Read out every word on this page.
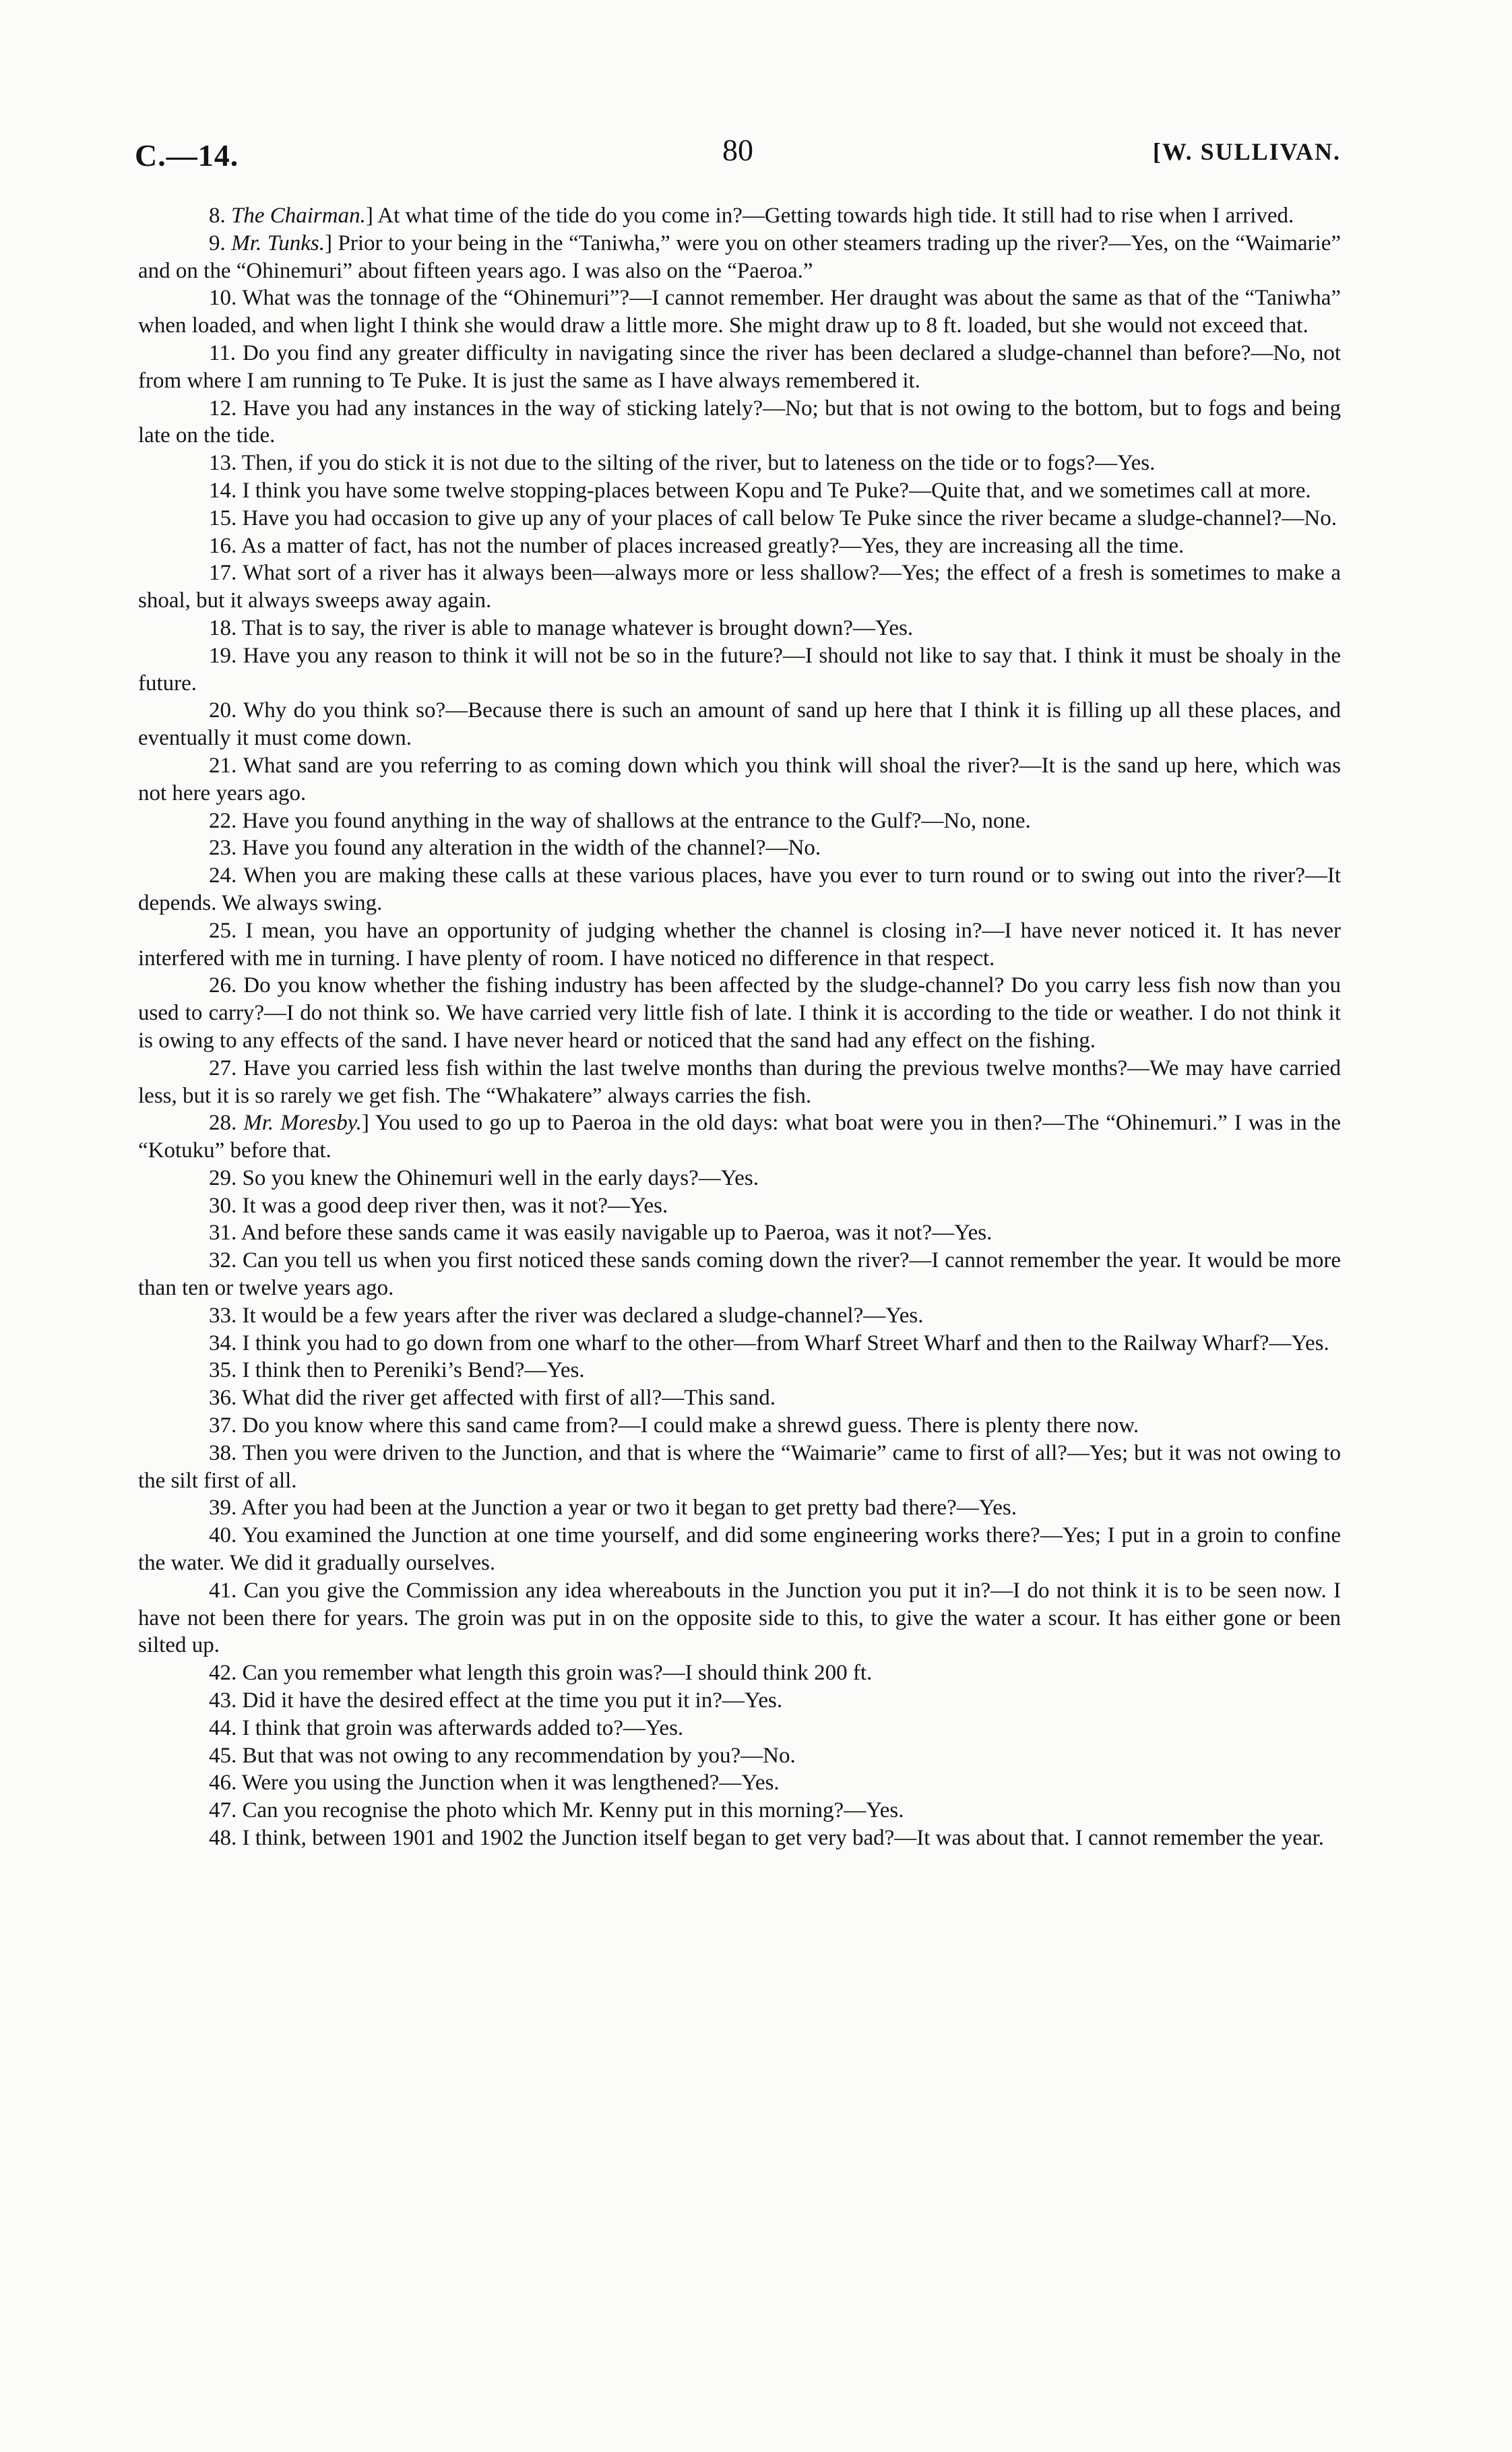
C.—14.	80	[W. SULLIVAN.

8. The Chairman.] At what time of the tide do you come in?—Getting towards high tide. It still had to rise when I arrived.

9. Mr. Tunks.] Prior to your being in the “Taniwha,” were you on other steamers trading up the river?—Yes, on the “Waimarie” and on the “Ohinemuri” about fifteen years ago. I was also on the “Paeroa.”

10. What was the tonnage of the “Ohinemuri”?—I cannot remember. Her draught was about the same as that of the “Taniwha” when loaded, and when light I think she would draw a little more. She might draw up to 8 ft. loaded, but she would not exceed that.

11. Do you find any greater difficulty in navigating since the river has been declared a sludge-channel than before?—No, not from where I am running to Te Puke. It is just the same as I have always remembered it.

12. Have you had any instances in the way of sticking lately?—No; but that is not owing to the bottom, but to fogs and being late on the tide.

13. Then, if you do stick it is not due to the silting of the river, but to lateness on the tide or to fogs?—Yes.

14. I think you have some twelve stopping-places between Kopu and Te Puke?—Quite that, and we sometimes call at more.

15. Have you had occasion to give up any of your places of call below Te Puke since the river became a sludge-channel?—No.

16. As a matter of fact, has not the number of places increased greatly?—Yes, they are increasing all the time.

17. What sort of a river has it always been—always more or less shallow?—Yes; the effect of a fresh is sometimes to make a shoal, but it always sweeps away again.

18. That is to say, the river is able to manage whatever is brought down?—Yes.

19. Have you any reason to think it will not be so in the future?—I should not like to say that. I think it must be shoaly in the future.

20. Why do you think so?—Because there is such an amount of sand up here that I think it is filling up all these places, and eventually it must come down.

21. What sand are you referring to as coming down which you think will shoal the river?—It is the sand up here, which was not here years ago.

22. Have you found anything in the way of shallows at the entrance to the Gulf?—No, none.

23. Have you found any alteration in the width of the channel?—No.

24. When you are making these calls at these various places, have you ever to turn round or to swing out into the river?—It depends. We always swing.

25. I mean, you have an opportunity of judging whether the channel is closing in?—I have never noticed it. It has never interfered with me in turning. I have plenty of room. I have noticed no difference in that respect.

26. Do you know whether the fishing industry has been affected by the sludge-channel? Do you carry less fish now than you used to carry?—I do not think so. We have carried very little fish of late. I think it is according to the tide or weather. I do not think it is owing to any effects of the sand. I have never heard or noticed that the sand had any effect on the fishing.

27. Have you carried less fish within the last twelve months than during the previous twelve months?—We may have carried less, but it is so rarely we get fish. The “Whakatere” always carries the fish.

28. Mr. Moresby.] You used to go up to Paeroa in the old days: what boat were you in then?—The “Ohinemuri.” I was in the “Kotuku” before that.

29. So you knew the Ohinemuri well in the early days?—Yes.

30. It was a good deep river then, was it not?—Yes.

31. And before these sands came it was easily navigable up to Paeroa, was it not?—Yes.

32. Can you tell us when you first noticed these sands coming down the river?—I cannot remember the year. It would be more than ten or twelve years ago.

33. It would be a few years after the river was declared a sludge-channel?—Yes.

34. I think you had to go down from one wharf to the other—from Wharf Street Wharf and then to the Railway Wharf?—Yes.

35. I think then to Pereniki’s Bend?—Yes.

36. What did the river get affected with first of all?—This sand.

37. Do you know where this sand came from?—I could make a shrewd guess. There is plenty there now.

38. Then you were driven to the Junction, and that is where the “Waimarie” came to first of all?—Yes; but it was not owing to the silt first of all.

39. After you had been at the Junction a year or two it began to get pretty bad there?—Yes.

40. You examined the Junction at one time yourself, and did some engineering works there?—Yes; I put in a groin to confine the water. We did it gradually ourselves.

41. Can you give the Commission any idea whereabouts in the Junction you put it in?—I do not think it is to be seen now. I have not been there for years. The groin was put in on the opposite side to this, to give the water a scour. It has either gone or been silted up.

42. Can you remember what length this groin was?—I should think 200 ft.

43. Did it have the desired effect at the time you put it in?—Yes.

44. I think that groin was afterwards added to?—Yes.

45. But that was not owing to any recommendation by you?—No.

46. Were you using the Junction when it was lengthened?—Yes.

47. Can you recognise the photo which Mr. Kenny put in this morning?—Yes.

48. I think, between 1901 and 1902 the Junction itself began to get very bad?—It was about that. I cannot remember the year.
